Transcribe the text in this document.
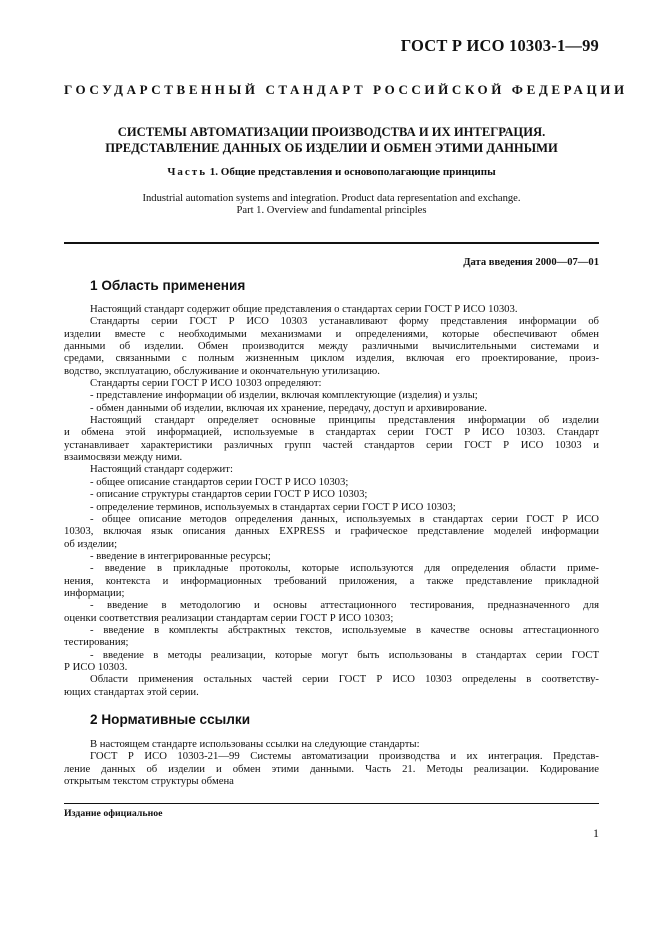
ГОСТ Р ИСО 10303-1—99
ГОСУДАРСТВЕННЫЙ СТАНДАРТ РОССИЙСКОЙ ФЕДЕРАЦИИ
СИСТЕМЫ АВТОМАТИЗАЦИИ ПРОИЗВОДСТВА И ИХ ИНТЕГРАЦИЯ.
ПРЕДСТАВЛЕНИЕ ДАННЫХ ОБ ИЗДЕЛИИ И ОБМЕН ЭТИМИ ДАННЫМИ
Часть 1. Общие представления и основополагающие принципы
Industrial automation systems and integration. Product data representation and exchange.
Part 1. Overview and fundamental principles
Дата введения 2000—07—01
1 Область применения
Настоящий стандарт содержит общие представления о стандартах серии ГОСТ Р ИСО 10303.
Стандарты серии ГОСТ Р ИСО 10303 устанавливают форму представления информации об
изделии вместе с необходимыми механизмами и определениями, которые обеспечивают обмен
данными об изделии. Обмен производится между различными вычислительными системами и
средами, связанными с полным жизненным циклом изделия, включая его проектирование, произ-
водство, эксплуатацию, обслуживание и окончательную утилизацию.
Стандарты серии ГОСТ Р ИСО 10303 определяют:
- представление информации об изделии, включая комплектующие (изделия) и узлы;
- обмен данными об изделии, включая их хранение, передачу, доступ и архивирование.
Настоящий стандарт определяет основные принципы представления информации об изделии
и обмена этой информацией, используемые в стандартах серии ГОСТ Р ИСО 10303. Стандарт
устанавливает характеристики различных групп частей стандартов серии ГОСТ Р ИСО 10303 и
взаимосвязи между ними.
Настоящий стандарт содержит:
- общее описание стандартов серии ГОСТ Р ИСО 10303;
- описание структуры стандартов серии ГОСТ Р ИСО 10303;
- определение терминов, используемых в стандартах серии ГОСТ Р ИСО 10303;
- общее описание методов определения данных, используемых в стандартах серии ГОСТ Р ИСО
10303, включая язык описания данных EXPRESS и графическое представление моделей информации
об изделии;
- введение в интегрированные ресурсы;
- введение в прикладные протоколы, которые используются для определения области приме-
нения, контекста и информационных требований приложения, а также представление прикладной
информации;
- введение в методологию и основы аттестационного тестирования, предназначенного для
оценки соответствия реализации стандартам серии ГОСТ Р ИСО 10303;
- введение в комплекты абстрактных текстов, используемые в качестве основы аттестационного
тестирования;
- введение в методы реализации, которые могут быть использованы в стандартах серии ГОСТ
Р ИСО 10303.
Области применения остальных частей серии ГОСТ Р ИСО 10303 определены в соответству-
ющих стандартах этой серии.
2 Нормативные ссылки
В настоящем стандарте использованы ссылки на следующие стандарты:
ГОСТ Р ИСО 10303-21—99 Системы автоматизации производства и их интеграция. Представ-
ление данных об изделии и обмен этими данными. Часть 21. Методы реализации. Кодирование
открытым текстом структуры обмена
Издание официальное
1
